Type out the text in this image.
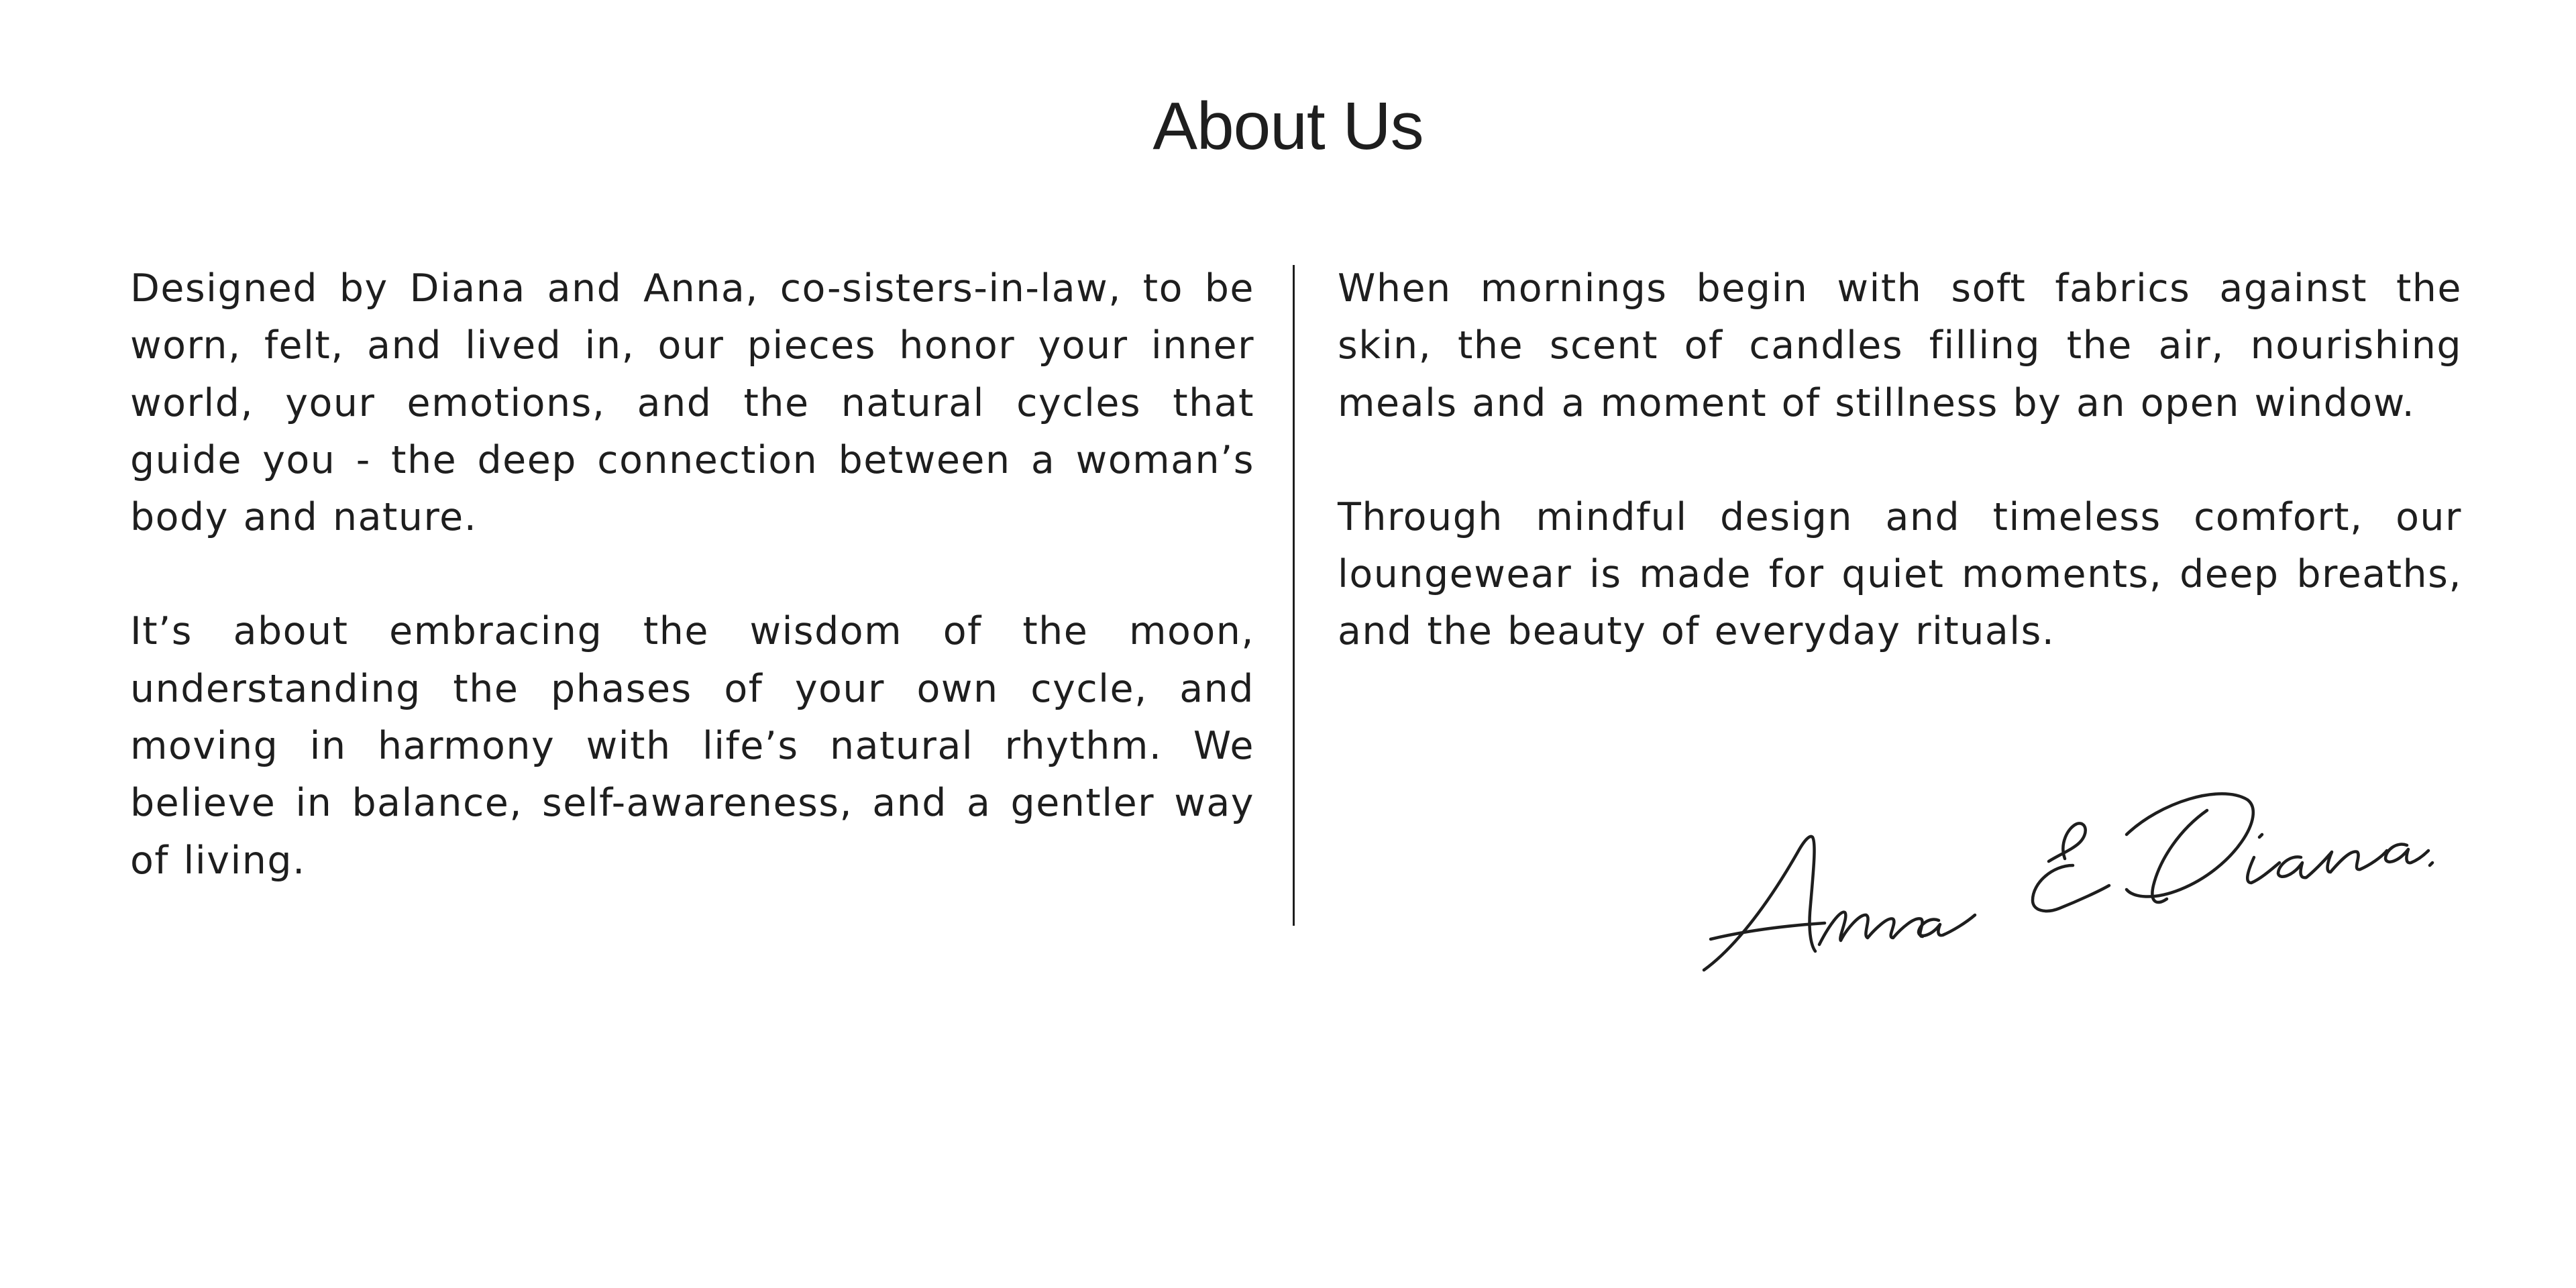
About Us

Designed by Diana and Anna, co-sisters-in-law, to be worn, felt, and lived in, our pieces honor your inner world, your emotions, and the natural cycles that guide you - the deep connection between a woman’s body and nature.

It’s about embracing the wisdom of the moon, understanding the phases of your own cycle, and moving in harmony with life’s natural rhythm. We believe in balance, self-awareness, and a gentler way of living.

When mornings begin with soft fabrics against the skin, the scent of candles filling the air, nourishing meals and a moment of stillness by an open window.

Through mindful design and timeless comfort, our loungewear is made for quiet moments, deep breaths, and the beauty of everyday rituals.
